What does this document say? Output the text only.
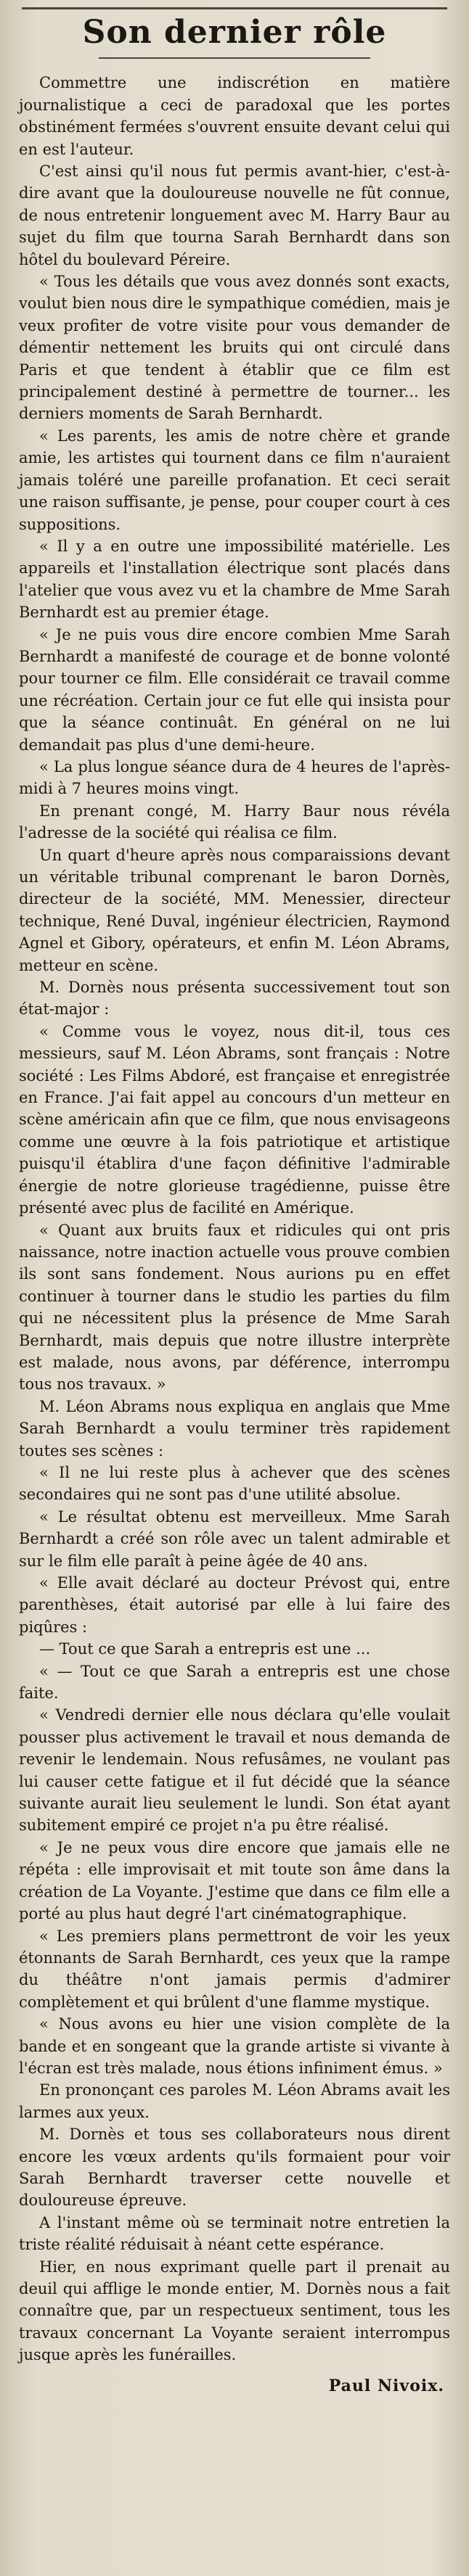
Son dernier rôle

Commettre une indiscrétion en matière journalistique a ceci de paradoxal que les portes obstinément fermées s'ouvrent ensuite devant celui qui en est l'auteur.

C'est ainsi qu'il nous fut permis avant-hier, c'est-à-dire avant que la douloureuse nouvelle ne fût connue, de nous entretenir longuement avec M. Harry Baur au sujet du film que tourna Sarah Bernhardt dans son hôtel du boulevard Péreire.

« Tous les détails que vous avez donnés sont exacts, voulut bien nous dire le sympathique comédien, mais je veux profiter de votre visite pour vous demander de démentir nettement les bruits qui ont circulé dans Paris et que tendent à établir que ce film est principalement destiné à permettre de tourner... les derniers moments de Sarah Bernhardt.

« Les parents, les amis de notre chère et grande amie, les artistes qui tournent dans ce film n'auraient jamais toléré une pareille profanation. Et ceci serait une raison suffisante, je pense, pour couper court à ces suppositions.

« Il y a en outre une impossibilité matérielle. Les appareils et l'installation électrique sont placés dans l'atelier que vous avez vu et la chambre de Mme Sarah Bernhardt est au premier étage.

« Je ne puis vous dire encore combien Mme Sarah Bernhardt a manifesté de courage et de bonne volonté pour tourner ce film. Elle considérait ce travail comme une récréation. Certain jour ce fut elle qui insista pour que la séance continuât. En général on ne lui demandait pas plus d'une demi-heure.

« La plus longue séance dura de 4 heures de l'après-midi à 7 heures moins vingt.

En prenant congé, M. Harry Baur nous révéla l'adresse de la société qui réalisa ce film.

Un quart d'heure après nous comparaissions devant un véritable tribunal comprenant le baron Dornès, directeur de la société, MM. Menessier, directeur technique, René Duval, ingénieur électricien, Raymond Agnel et Gibory, opérateurs, et enfin M. Léon Abrams, metteur en scène.

M. Dornès nous présenta successivement tout son état-major :

« Comme vous le voyez, nous dit-il, tous ces messieurs, sauf M. Léon Abrams, sont français : Notre société : Les Films Abdoré, est française et enregistrée en France. J'ai fait appel au concours d'un metteur en scène américain afin que ce film, que nous envisageons comme une œuvre à la fois patriotique et artistique puisqu'il établira d'une façon définitive l'admirable énergie de notre glorieuse tragédienne, puisse être présenté avec plus de facilité en Amérique.

« Quant aux bruits faux et ridicules qui ont pris naissance, notre inaction actuelle vous prouve combien ils sont sans fondement. Nous aurions pu en effet continuer à tourner dans le studio les parties du film qui ne nécessitent plus la présence de Mme Sarah Bernhardt, mais depuis que notre illustre interprète est malade, nous avons, par déférence, interrompu tous nos travaux. »

M. Léon Abrams nous expliqua en anglais que Mme Sarah Bernhardt a voulu terminer très rapidement toutes ses scènes :

« Il ne lui reste plus à achever que des scènes secondaires qui ne sont pas d'une utilité absolue.

« Le résultat obtenu est merveilleux. Mme Sarah Bernhardt a créé son rôle avec un talent admirable et sur le film elle paraît à peine âgée de 40 ans.

« Elle avait déclaré au docteur Prévost qui, entre parenthèses, était autorisé par elle à lui faire des piqûres :

— Tout ce que Sarah a entrepris est une ...

« — Tout ce que Sarah a entrepris est une chose faite.

« Vendredi dernier elle nous déclara qu'elle voulait pousser plus activement le travail et nous demanda de revenir le lendemain. Nous refusâmes, ne voulant pas lui causer cette fatigue et il fut décidé que la séance suivante aurait lieu seulement le lundi. Son état ayant subitement empiré ce projet n'a pu être réalisé.

« Je ne peux vous dire encore que jamais elle ne répéta : elle improvisait et mit toute son âme dans la création de La Voyante. J'estime que dans ce film elle a porté au plus haut degré l'art cinématographique.

« Les premiers plans permettront de voir les yeux étonnants de Sarah Bernhardt, ces yeux que la rampe du théâtre n'ont jamais permis d'admirer complètement et qui brûlent d'une flamme mystique.

« Nous avons eu hier une vision complète de la bande et en songeant que la grande artiste si vivante à l'écran est très malade, nous étions infiniment émus. »

En prononçant ces paroles M. Léon Abrams avait les larmes aux yeux.

M. Dornès et tous ses collaborateurs nous dirent encore les vœux ardents qu'ils formaient pour voir Sarah Bernhardt traverser cette nouvelle et douloureuse épreuve.

A l'instant même où se terminait notre entretien la triste réalité réduisait à néant cette espérance.

Hier, en nous exprimant quelle part il prenait au deuil qui afflige le monde entier, M. Dornès nous a fait connaître que, par un respectueux sentiment, tous les travaux concernant La Voyante seraient interrompus jusque après les funérailles.

Paul Nivoix.
